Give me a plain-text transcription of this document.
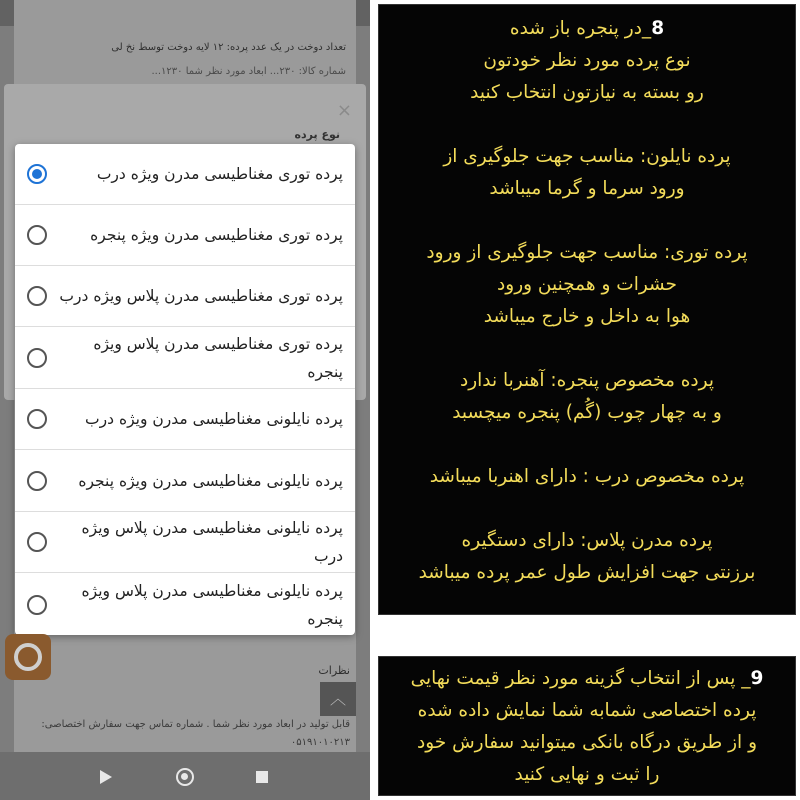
تعداد دوخت در یک عدد پرده: ۱۲ لایه دوخت توسط نخ لی
شماره کالا: ۲۳۰... ابعاد مورد نظر شما ۱۲۳۰...
×
نوع پرده
پرده توری مغناطیسی مدرن ویژه درب
پرده توری مغناطیسی مدرن ویژه پنجره
پرده توری مغناطیسی مدرن پلاس ویژه درب
پرده توری مغناطیسی مدرن پلاس ویژه پنجره
پرده نایلونی مغناطیسی مدرن ویژه درب
پرده نایلونی مغناطیسی مدرن ویژه پنجره
پرده نایلونی مغناطیسی مدرن پلاس ویژه درب
پرده نایلونی مغناطیسی مدرن پلاس ویژه پنجره
نظرات
︿
قابل تولید در ابعاد مورد نظر شما . شماره تماس جهت سفارش اختصاصی: ۰۵۱۹۱۰۱۰۲۱۳
8_در پنجره باز شده
نوع پرده مورد نظر خودتون
رو بسته به نیازتون انتخاب کنید
پرده نایلون: مناسب جهت جلوگیری از
ورود سرما و گرما میباشد
پرده توری: مناسب جهت جلوگیری از ورود
حشرات و همچنین ورود
هوا به داخل و خارج میباشد
پرده مخصوص پنجره: آهنربا ندارد
و به چهار چوب (گُم) پنجره میچسبد
پرده مخصوص درب : دارای اهنربا میباشد
پرده مدرن پلاس: دارای دستگیره
برزنتی جهت افزایش طول عمر پرده میباشد
9_ پس از انتخاب گزینه مورد نظر قیمت نهایی
پرده اختصاصی شمابه شما نمایش داده شده
و از طریق درگاه بانکی میتوانید سفارش خود
را ثبت و نهایی کنید
